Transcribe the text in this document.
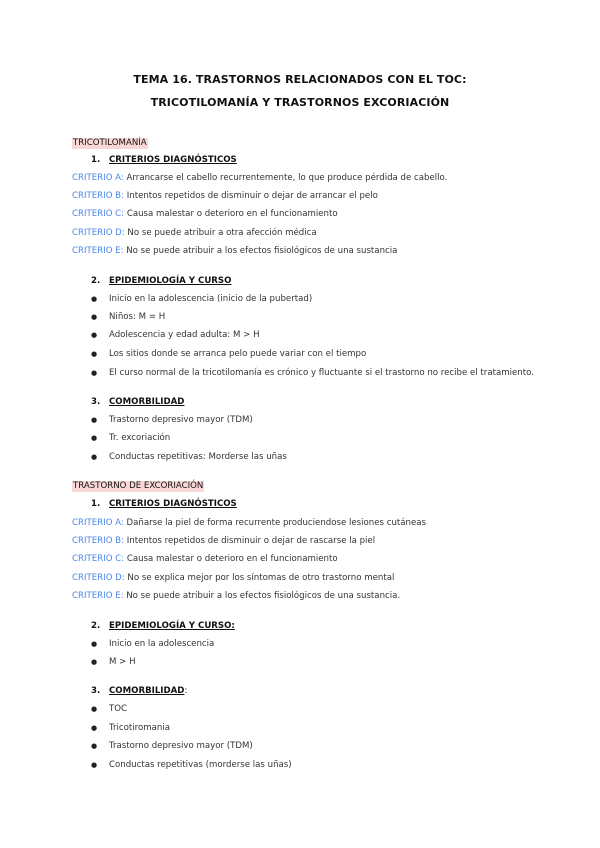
TEMA 16. TRASTORNOS RELACIONADOS CON EL TOC:
TRICOTILOMANÍA Y TRASTORNOS EXCORIACIÓN
TRICOTILOMANÍA
1. CRITERIOS DIAGNÓSTICOS
CRITERIO A: Arrancarse el cabello recurrentemente, lo que produce pérdida de cabello.
CRITERIO B: Intentos repetidos de disminuir o dejar de arrancar el pelo
CRITERIO C: Causa malestar o deterioro en el funcionamiento
CRITERIO D: No se puede atribuir a otra afección médica
CRITERIO E: No se puede atribuir a los efectos fisiológicos de una sustancia
2. EPIDEMIOLOGÍA Y CURSO
● Inicio en la adolescencia (inicio de la pubertad)
● Niños: M = H
● Adolescencia y edad adulta: M > H
● Los sitios donde se arranca pelo puede variar con el tiempo
● El curso normal de la tricotilomanía es crónico y fluctuante si el trastorno no recibe el tratamiento.
3. COMORBILIDAD
● Trastorno depresivo mayor (TDM)
● Tr. excoriación
● Conductas repetitivas: Morderse las uñas
TRASTORNO DE EXCORIACIÓN
1. CRITERIOS DIAGNÓSTICOS
CRITERIO A: Dañarse la piel de forma recurrente produciendose lesiones cutáneas
CRITERIO B: Intentos repetidos de disminuir o dejar de rascarse la piel
CRITERIO C: Causa malestar o deterioro en el funcionamiento
CRITERIO D: No se explica mejor por los síntomas de otro trastorno mental
CRITERIO E: No se puede atribuir a los efectos fisiológicos de una sustancia.
2. EPIDEMIOLOGÍA Y CURSO:
● Inicio en la adolescencia
● M > H
3. COMORBILIDAD:
● TOC
● Tricotiromania
● Trastorno depresivo mayor (TDM)
● Conductas repetitivas (morderse las uñas)
